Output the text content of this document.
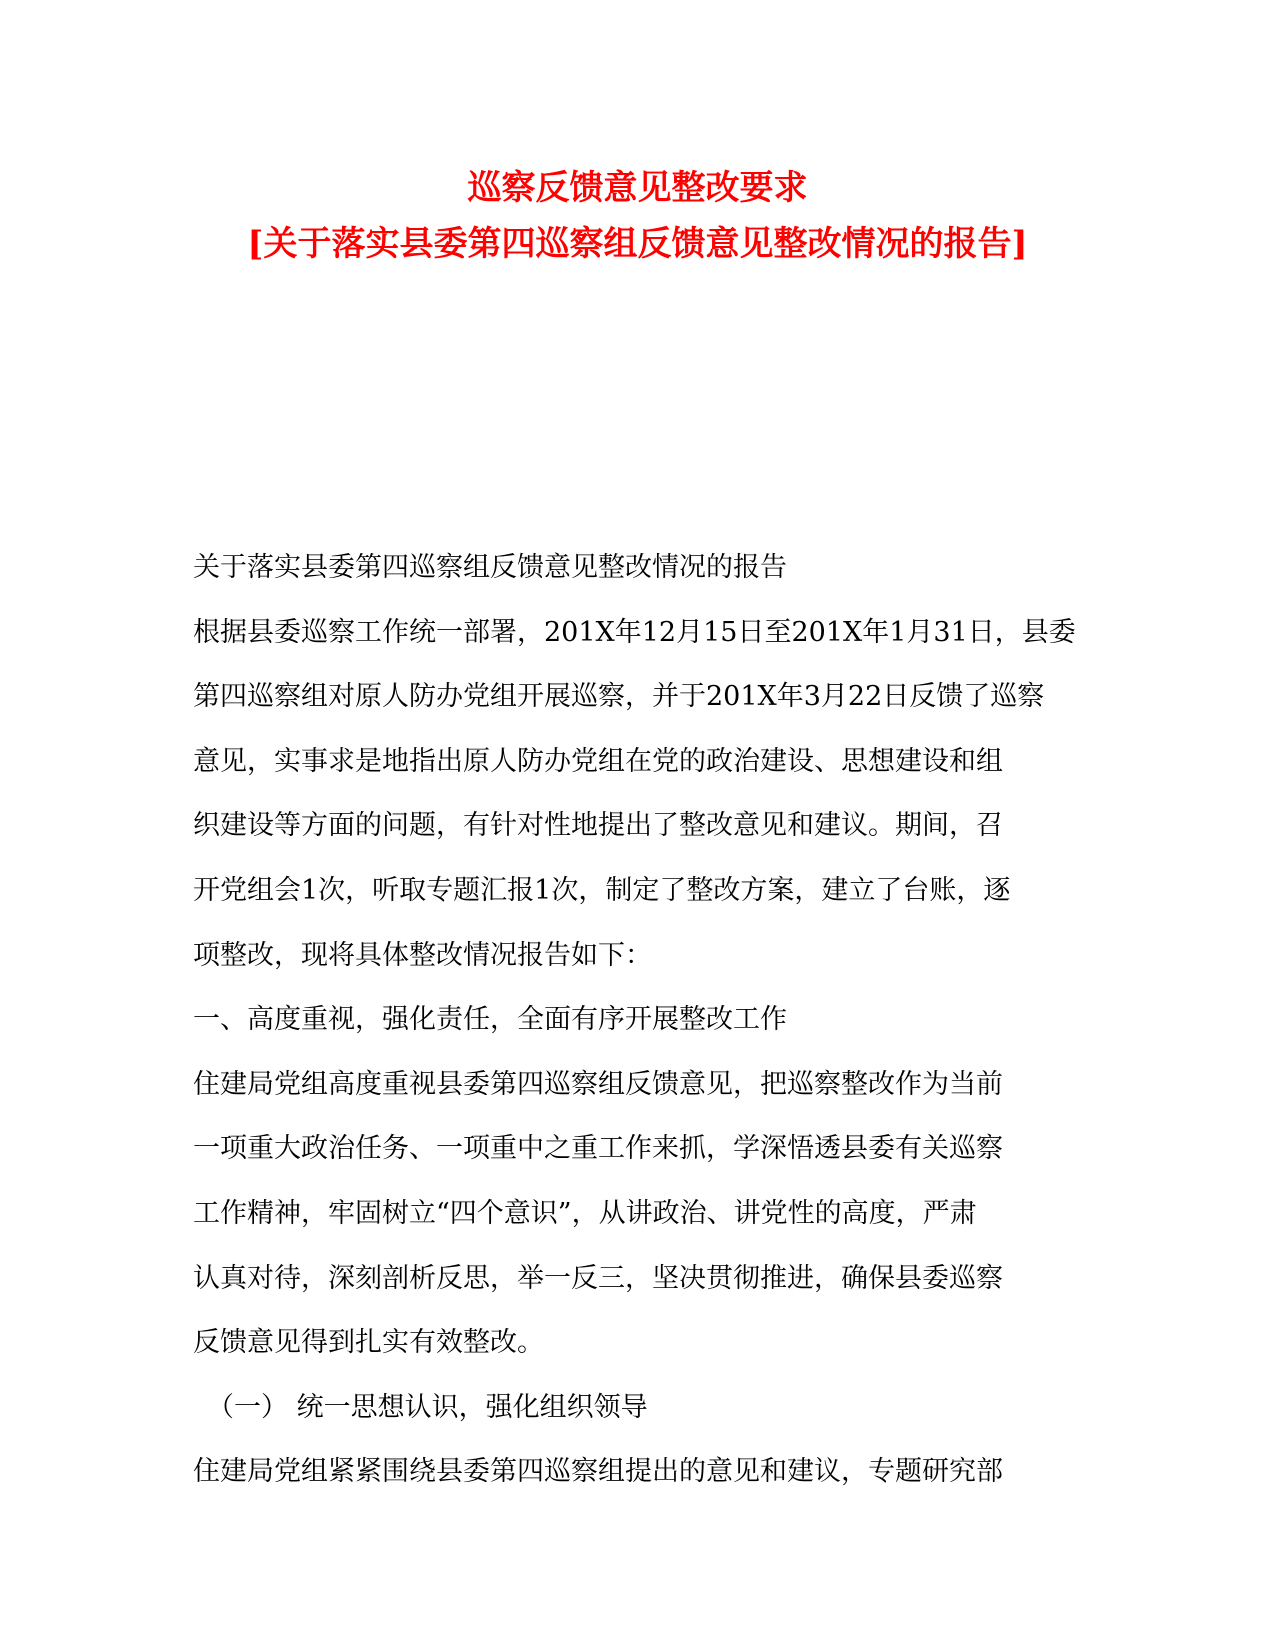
巡察反馈意见整改要求
[关于落实县委第四巡察组反馈意见整改情况的报告]

关于落实县委第四巡察组反馈意见整改情况的报告

根据县委巡察工作统一部署，201X年12月15日至201X年1月31日，县委
第四巡察组对原人防办党组开展巡察，并于201X年3月22日反馈了巡察
意见，实事求是地指出原人防办党组在党的政治建设、思想建设和组
织建设等方面的问题，有针对性地提出了整改意见和建议。期间，召
开党组会1次，听取专题汇报1次，制定了整改方案，建立了台账，逐
项整改，现将具体整改情况报告如下：

一、高度重视，强化责任，全面有序开展整改工作

住建局党组高度重视县委第四巡察组反馈意见，把巡察整改作为当前
一项重大政治任务、一项重中之重工作来抓，学深悟透县委有关巡察
工作精神，牢固树立“四个意识”，从讲政治、讲党性的高度，严肃
认真对待，深刻剖析反思，举一反三，坚决贯彻推进，确保县委巡察
反馈意见得到扎实有效整改。

（一） 统一思想认识，强化组织领导

住建局党组紧紧围绕县委第四巡察组提出的意见和建议，专题研究部
